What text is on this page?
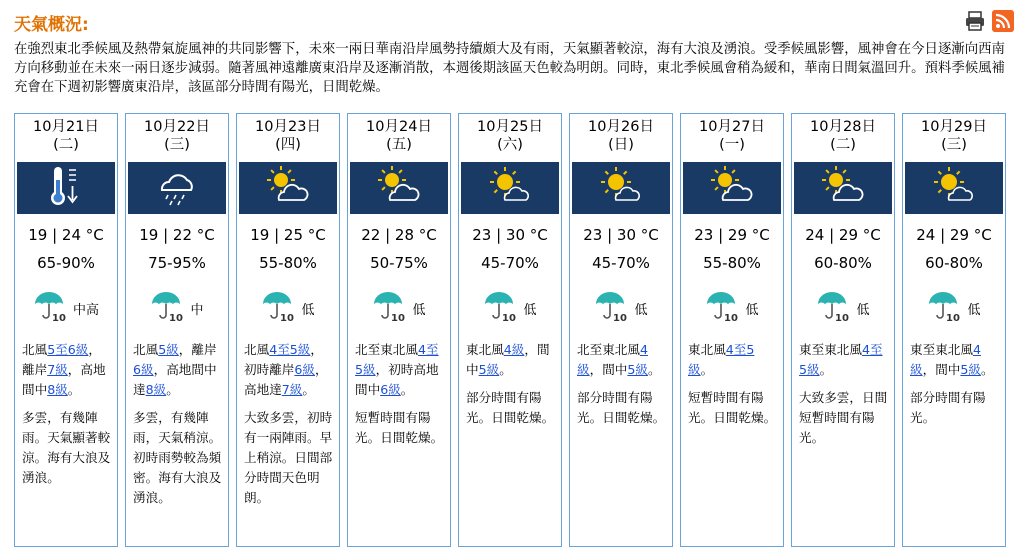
天氣概況:
在強烈東北季候風及熱帶氣旋風神的共同影響下，未來一兩日華南沿岸風勢持續頗大及有雨，天氣顯著較涼，海有大浪及湧浪。受季候風影響，風神會在今日逐漸向西南方向移動並在未來一兩日逐步減弱。隨著風神遠離廣東沿岸及逐漸消散，本週後期該區天色較為明朗。同時，東北季候風會稍為緩和，華南日間氣溫回升。預料季候風補充會在下週初影響廣東沿岸，該區部分時間有陽光，日間乾燥。
10月21日
(二)
19 | 24 °C
65-90%
10
中高
北風5至6級，離岸7級，高地間中8級。
多雲，有幾陣雨。天氣顯著較涼。海有大浪及湧浪。
10月22日
(三)
19 | 22 °C
75-95%
10
中
北風5級，離岸6級，高地間中達8級。
多雲，有幾陣雨，天氣稍涼。初時雨勢較為頻密。海有大浪及湧浪。
10月23日
(四)
19 | 25 °C
55-80%
10
低
北風4至5級，初時離岸6級，高地達7級。
大致多雲，初時有一兩陣雨。早上稍涼。日間部分時間天色明朗。
10月24日
(五)
22 | 28 °C
50-75%
10
低
北至東北風4至5級，初時高地間中6級。
短暫時間有陽光。日間乾燥。
10月25日
(六)
23 | 30 °C
45-70%
10
低
東北風4級，間中5級。
部分時間有陽光。日間乾燥。
10月26日
(日)
23 | 30 °C
45-70%
10
低
北至東北風4級，間中5級。
部分時間有陽光。日間乾燥。
10月27日
(一)
23 | 29 °C
55-80%
10
低
東北風4至5級。
短暫時間有陽光。日間乾燥。
10月28日
(二)
24 | 29 °C
60-80%
10
低
東至東北風4至5級。
大致多雲，日間短暫時間有陽光。
10月29日
(三)
24 | 29 °C
60-80%
10
低
東至東北風4級，間中5級。
部分時間有陽光。
